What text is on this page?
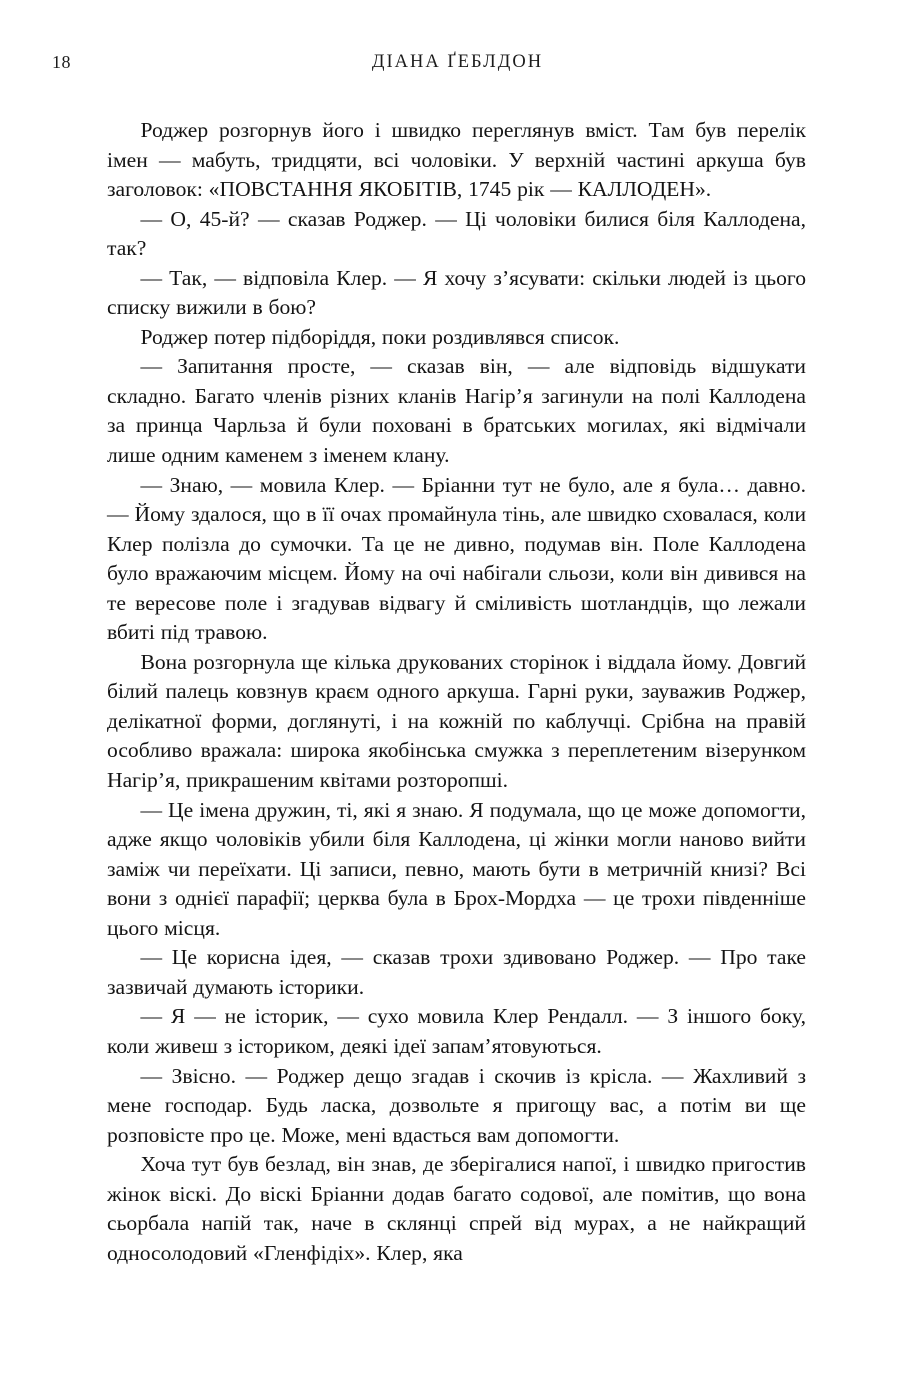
18	ДІАНА ҐЕБЛДОН

Роджер розгорнув його і швидко переглянув вміст. Там був перелік імен — мабуть, тридцяти, всі чоловіки. У верхній частині аркуша був заголовок: «ПОВСТАННЯ ЯКОБІТІВ, 1745 рік — КАЛЛОДЕН».

— О, 45-й? — сказав Роджер. — Ці чоловіки билися біля Каллодена, так?

— Так, — відповіла Клер. — Я хочу з’ясувати: скільки людей із цього списку вижили в бою?

Роджер потер підборіддя, поки роздивлявся список.

— Запитання просте, — сказав він, — але відповідь відшукати складно. Багато членів різних кланів Нагір’я загинули на полі Каллодена за принца Чарльза й були поховані в братських могилах, які відмічали лише одним каменем з іменем клану.

— Знаю, — мовила Клер. — Бріанни тут не було, але я була… давно. — Йому здалося, що в її очах промайнула тінь, але швидко сховалася, коли Клер полізла до сумочки. Та це не дивно, подумав він. Поле Каллодена було вражаючим місцем. Йому на очі набігали сльози, коли він дивився на те вересове поле і згадував відвагу й сміливість шотландців, що лежали вбиті під травою.

Вона розгорнула ще кілька друкованих сторінок і віддала йому. Довгий білий палець ковзнув краєм одного аркуша. Гарні руки, зауважив Роджер, делікатної форми, доглянуті, і на кожній по каблучці. Срібна на правій особливо вражала: широка якобінська смужка з переплетеним візерунком Нагір’я, прикрашеним квітами розторопші.

— Це імена дружин, ті, які я знаю. Я подумала, що це може допомогти, адже якщо чоловіків убили біля Каллодена, ці жінки могли наново вийти заміж чи переїхати. Ці записи, певно, мають бути в метричній книзі? Всі вони з однієї парафії; церква була в Брох-Мордха — це трохи південніше цього місця.

— Це корисна ідея, — сказав трохи здивовано Роджер. — Про таке зазвичай думають історики.

— Я — не історик, — сухо мовила Клер Рендалл. — З іншого боку, коли живеш з істориком, деякі ідеї запам’ятовуються.

— Звісно. — Роджер дещо згадав і скочив із крісла. — Жахливий з мене господар. Будь ласка, дозвольте я пригощу вас, а потім ви ще розповісте про це. Може, мені вдасться вам допомогти.

Хоча тут був безлад, він знав, де зберігалися напої, і швидко пригостив жінок віскі. До віскі Бріанни додав багато содової, але помітив, що вона сьорбала напій так, наче в склянці спрей від мурах, а не найкращий односолодовий «Гленфідіх». Клер, яка
